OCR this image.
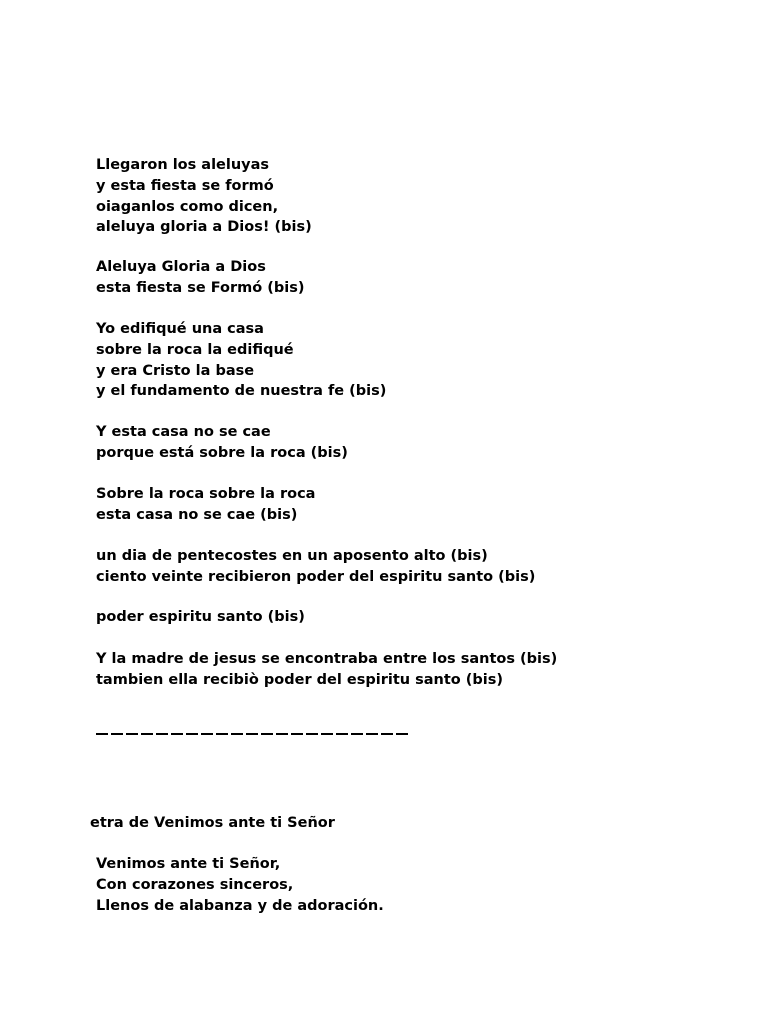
Llegaron los aleluyas
y esta fiesta se formó
oiaganlos como dicen,
aleluya gloria a Dios! (bis)
Aleluya Gloria a Dios
esta fiesta se Formó (bis)
Yo edifiqué una casa
sobre la roca la edifiqué
y era Cristo la base
y el fundamento de nuestra fe (bis)
Y esta casa no se cae
porque está sobre la roca (bis)
Sobre la roca sobre la roca
esta casa no se cae (bis)
un dia de pentecostes en un aposento alto (bis)
ciento veinte recibieron poder del espiritu santo (bis)
poder espiritu santo (bis)
Y la madre de jesus se encontraba entre los santos (bis)
tambien ella recibiò poder del espiritu santo (bis)
etra de Venimos ante ti Señor
Venimos ante ti Señor,
Con corazones sinceros,
Llenos de alabanza y de adoración.
